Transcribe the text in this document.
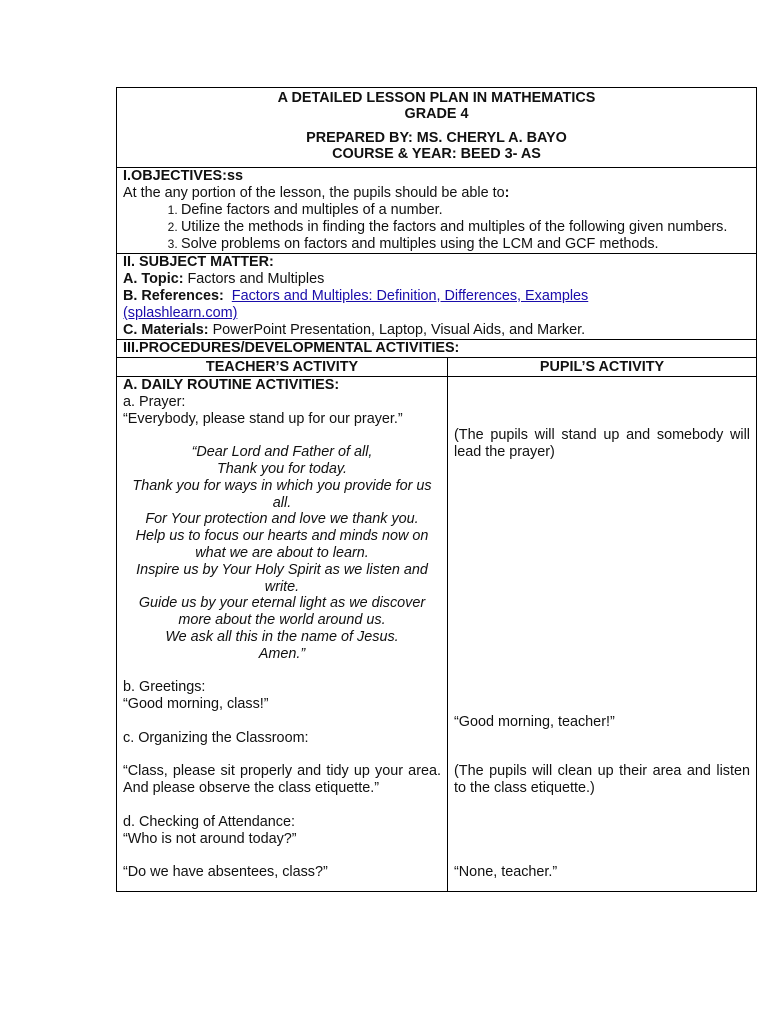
A DETAILED LESSON PLAN IN MATHEMATICS
GRADE 4
PREPARED BY: MS. CHERYL A. BAYO
COURSE & YEAR: BEED 3- AS
I.OBJECTIVES:ss
At the any portion of the lesson, the pupils should be able to:
1. Define factors and multiples of a number.
2. Utilize the methods in finding the factors and multiples of the following given numbers.
3. Solve problems on factors and multiples using the LCM and GCF methods.
II. SUBJECT MATTER:
A. Topic: Factors and Multiples
B. References: Factors and Multiples: Definition, Differences, Examples
(splashlearn.com)
C. Materials: PowerPoint Presentation, Laptop, Visual Aids, and Marker.
III.PROCEDURES/DEVELOPMENTAL ACTIVITIES:
TEACHER’S ACTIVITY	PUPIL’S ACTIVITY
A. DAILY ROUTINE ACTIVITIES:
a. Prayer:
“Everybody, please stand up for our prayer.”
“Dear Lord and Father of all,
Thank you for today.
Thank you for ways in which you provide for us all.
For Your protection and love we thank you.
Help us to focus our hearts and minds now on what we are about to learn.
Inspire us by Your Holy Spirit as we listen and write.
Guide us by your eternal light as we discover more about the world around us.
We ask all this in the name of Jesus.
Amen.”
b. Greetings:
“Good morning, class!”
c. Organizing the Classroom:
“Class, please sit properly and tidy up your area. And please observe the class etiquette.”
d. Checking of Attendance:
“Who is not around today?”
“Do we have absentees, class?”
(The pupils will stand up and somebody will lead the prayer)
“Good morning, teacher!”
(The pupils will clean up their area and listen to the class etiquette.)
“None, teacher.”
